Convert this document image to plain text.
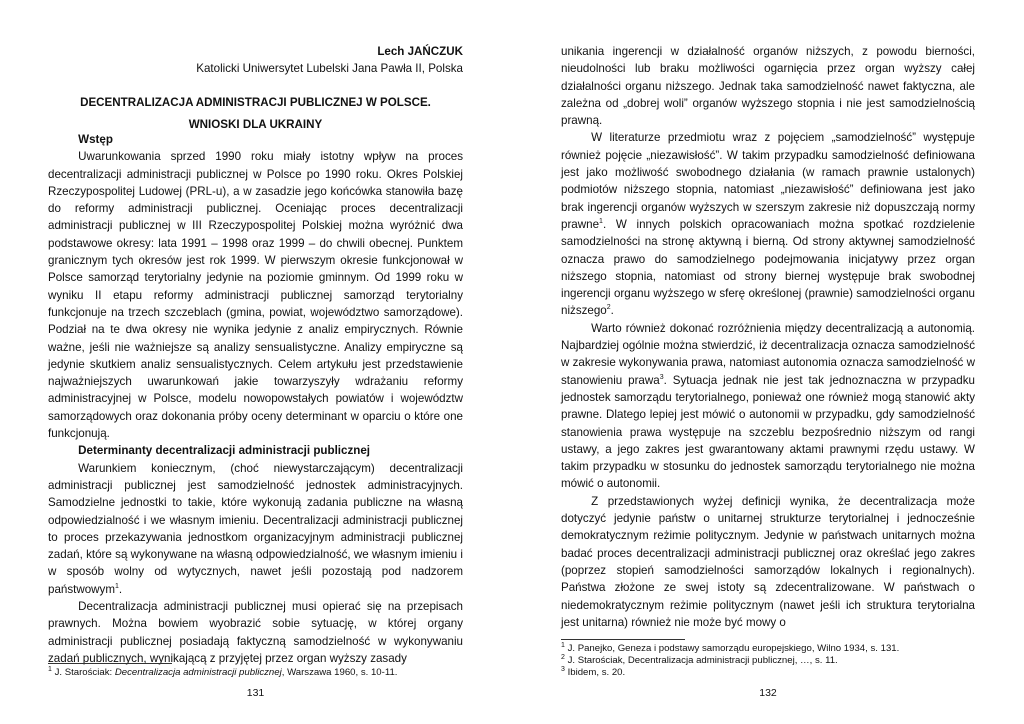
Lech JAŃCZUK
Katolicki Uniwersytet Lubelski Jana Pawła II, Polska
DECENTRALIZACJA ADMINISTRACJI PUBLICZNEJ W POLSCE.
WNIOSKI DLA UKRAINY

Wstęp

Uwarunkowania sprzed 1990 roku miały istotny wpływ na proces decentralizacji administracji publicznej w Polsce po 1990 roku. Okres Polskiej Rzeczypospolitej Ludowej (PRL-u), a w zasadzie jego końcówka stanowiła bazę do reformy administracji publicznej. Oceniając proces decentralizacji administracji publicznej w III Rzeczypospolitej Polskiej można wyróżnić dwa podstawowe okresy: lata 1991 – 1998 oraz 1999 – do chwili obecnej. Punktem granicznym tych okresów jest rok 1999. W pierwszym okresie funkcjonował w Polsce samorząd terytorialny jedynie na poziomie gminnym. Od 1999 roku w wyniku II etapu reformy administracji publicznej samorząd terytorialny funkcjonuje na trzech szczeblach (gmina, powiat, województwo samorządowe). Podział na te dwa okresy nie wynika jedynie z analiz empirycznych. Równie ważne, jeśli nie ważniejsze są analizy sensualistyczne. Analizy empiryczne są jedynie skutkiem analiz sensualistycznych. Celem artykułu jest przedstawienie najważniejszych uwarunkowań jakie towarzyszyły wdrażaniu reformy administracyjnej w Polsce, modelu nowopowstałych powiatów i województw samorządowych oraz dokonania próby oceny determinant w oparciu o które one funkcjonują.

Determinanty decentralizacji administracji publicznej

Warunkiem koniecznym, (choć niewystarczającym) decentralizacji administracji publicznej jest samodzielność jednostek administracyjnych. Samodzielne jednostki to takie, które wykonują zadania publiczne na własną odpowiedzialność i we własnym imieniu. Decentralizacji administracji publicznej to proces przekazywania jednostkom organizacyjnym administracji publicznej zadań, które są wykonywane na własną odpowiedzialność, we własnym imieniu i w sposób wolny od wytycznych, nawet jeśli pozostają pod nadzorem państwowym$^1$.

Decentralizacja administracji publicznej musi opierać się na przepisach prawnych. Można bowiem wyobrazić sobie sytuację, w której organy administracji publicznej posiadają faktyczną samodzielność w wykonywaniu zadań publicznych, wynikającą z przyjętej przez organ wyższy zasady

$^1$ J. Starościak: Decentralizacja administracji publicznej, Warszawa 1960, s. 10-11.
131

unikania ingerencji w działalność organów niższych, z powodu bierności, nieudolności lub braku możliwości ogarnięcia przez organ wyższy całej działalności organu niższego. Jednak taka samodzielność nawet faktyczna, ale zależna od „dobrej woli” organów wyższego stopnia i nie jest samodzielnością prawną.

W literaturze przedmiotu wraz z pojęciem „samodzielność” występuje również pojęcie „niezawisłość”. W takim przypadku samodzielność definiowana jest jako możliwość swobodnego działania (w ramach prawnie ustalonych) podmiotów niższego stopnia, natomiast „niezawisłość” definiowana jest jako brak ingerencji organów wyższych w szerszym zakresie niż dopuszczają normy prawne$^1$. W innych polskich opracowaniach można spotkać rozdzielenie samodzielności na stronę aktywną i bierną. Od strony aktywnej samodzielność oznacza prawo do samodzielnego podejmowania inicjatywy przez organ niższego stopnia, natomiast od strony biernej występuje brak swobodnej ingerencji organu wyższego w sferę określonej (prawnie) samodzielności organu niższego$^2$.

Warto również dokonać rozróżnienia między decentralizacją a autonomią. Najbardziej ogólnie można stwierdzić, iż decentralizacja oznacza samodzielność w zakresie wykonywania prawa, natomiast autonomia oznacza samodzielność w stanowieniu prawa$^3$. Sytuacja jednak nie jest tak jednoznaczna w przypadku jednostek samorządu terytorialnego, ponieważ one również mogą stanowić akty prawne. Dlatego lepiej jest mówić o autonomii w przypadku, gdy samodzielność stanowienia prawa występuje na szczeblu bezpośrednio niższym od rangi ustawy, a jego zakres jest gwarantowany aktami prawnymi rzędu ustawy. W takim przypadku w stosunku do jednostek samorządu terytorialnego nie można mówić o autonomii.

Z przedstawionych wyżej definicji wynika, że decentralizacja może dotyczyć jedynie państw o unitarnej strukturze terytorialnej i jednocześnie demokratycznym reżimie politycznym. Jedynie w państwach unitarnych można badać proces decentralizacji administracji publicznej oraz określać jego zakres (poprzez stopień samodzielności samorządów lokalnych i regionalnych). Państwa złożone ze swej istoty są zdecentralizowane. W państwach o niedemokratycznym reżimie politycznym (nawet jeśli ich struktura terytorialna jest unitarna) również nie może być mowy o

$^1$ J. Panejko, Geneza i podstawy samorządu europejskiego, Wilno 1934, s. 131.
$^2$ J. Starościak, Decentralizacja administracji publicznej, …, s. 11.
$^3$ Ibidem, s. 20.
132
